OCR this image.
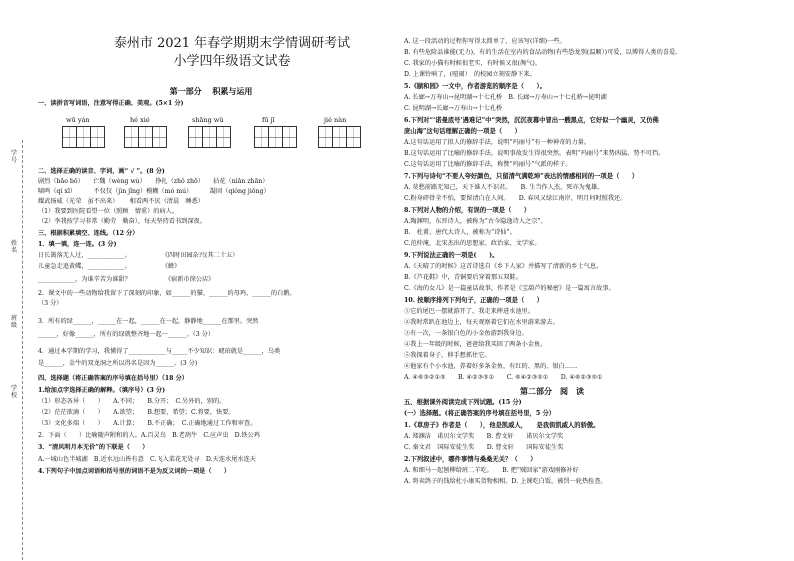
学号
姓名
班级
学校
泰州市 2021 年春学期期末学情调研考试
小学四年级语文试卷
第一部分　 积累与运用
一、读拼音写词语，注意写得正确、美观。(5×1 分)
wū yán	hé xié	shāng wǔ	fū jī	jié nàn
二、选择正确的读音、字词，画“ √ ”。(8 分)
剧烈（bǎo bō）　　亡魏（wèng wù）　　挣扎（zhǒ zhō）　　拈花（niān zhān）
啸鸣（qí xī）　　　 不仅仅（jìn jǐng）模糊（mó mú）　　　 凝固（qióng jiǒng）
耀武扬威（光荣　虽不出来）　　 相看两不厌（清晨　睡悉）
（1）我要到医院看望一位（照顾　情重）的病人。
（2）李我按学习非常（勤劳　勤奋），每天坚持看书到深夜。
三、根据积累填空、连线。（12 分）
1．填一填，连一连。(3 分)
日长篱落无人过，____________。　　　　　　《四时田园杂兴(其二十五）
儿童急走追黄蝶，____________。　　　　　　《蜂》
____________，为谁辛苦为谁甜？　　　　　　《宿新市徐公店》
2．课文中的一些动物给我留下了深刻的印象，如______的猫、______的母鸡、______的白鹅。
（3 分）
3．所有的绿______，______在一起，______在一起，静静地______在那里。突然
______，好像______，所有的绿就整齐地一起一______。（3 分）
4．通过本学期的学习，我懂得了____________与_____不少知识：琥珀就是______，乌类
是______，金牛的双龙洞之所以得名是因为______。(3 分)
四、选择题（将正确答案的序号填在括号里）（18 分）
1.给加点字选择正确的解释。（填序号）(3 分)
（1）形态各异（　　）　　A.不同；　　B.分开；　C.另外的，别的。
（2）茫茫欲滴（　　）　　A.欲望；　　B.想要，希望；C.将要，快要。
（3）文化多端（　　）　　A.计算；　　B.不正确；　C.正确地通过工作和审查。
2．下面（　　）比喻随声附和的人。A.百灵鸟　B.老鸹牛　C.应声虫　D.铁公鸡
3．“清风明月本无价”的下联是（　　）
A.一城山色半城湖　B.近水远山皆有意　C.飞入菜花无处寻　D.天连水尾水连天
4.下列句子中加点词语和括号里的词语不是为反义词的一项是（　　）
A. 这一段活动的过程你写得太简单了，应该写(详细)一些。
B. 有些危险品谁能(无力)，有的生活在室内的食品动物(有些恐龙别(温顺）)可爱，以博得人类的喜爱。
C. 我家的小猫有时候很老实，有时候又很(淘气)。
D. 上课铃响了，(喧闹）　的校园立刻安静下来。
5.《颐和园》一文中，作者游览的顺序是（　　）。
A. 长廊→万寿山→昆明湖→十七孔桥　B. 长廊→万寿山→十七孔桥→昆明湖
C. 昆明湖→长廊→万寿山→十七孔桥
6.下列对“‘诺曼底号’遇难记”中“突然，沉沉夜幕中冒出一艘黑点，它好似一个幽灵，又仿佛
庞山海”这句话理解正确的一项是（　　）
A.这句话运用了拟人的修辞手法，说明“玛丽号”有一种神奇的力量。
B.这句话运用了比喻的修辞手法，说明事故发生得很突然，表明“玛丽号”来势凶猛、势不可挡。
C.这句话运用了比喻的修辞手法，称赞“玛丽号”气派的样子。
7.下列与诗句“不要人夸好颜色，只留清气满乾坤”表达的情感相同的一项是（　　）
A. 莫愁前路无知己，天下谁人不识君。　　B. 生当作人杰，死亦为鬼雄。
C.粉身碎骨全不怕，要留清白在人间。　　D. 春风又绿江南岸，明月何时照我还。
8.下列对人物的介绍，有误的一项是（　　）
A.陶渊明，东晋诗人，被称为“古今隐逸诗人之宗”。
B.　杜甫，唐代大诗人，被称为“诗仙”。
C.范仲淹，北宋杰出的思想家、政治家、文学家。
9.下列说法正确的一项是(　　)。
A.《天晴了的时候》这首诗选自《乡下人家》并描写了清新的乡土气息。
B.《芦花鞋》中，青铜要后穿着那五双鞋。
C.《海的女儿》是一篇童话故事，作者是《宝葫芦的秘密》是一篇寓言故事。
10. 按顺序排列下列句子，正确的一项是（　　）
①它的尾巴一摆就游开了，我走来摔进水池里。
②我时常趴在池边上，每天观察着它们在水里游来游去。
③有一次，一条银白色的小金鱼游到我身边。
④我上一年级的时候，爸爸给我买回了两条小金鱼。
⑤我探着身子，伸手想抓住它。
⑥他家有个小水池，养着好多条金鱼，有红的、黑的、银白……
A. ④⑥③②①⑤　　B. ④②③⑤①　　C. ⑥④②③⑤①　　D. ④⑥②③⑤①
第二部分　阅　读
五、根据课外阅读完成下列试题。(15 分)
(一）选择题。(将正确答案的序号填在括号里，5 分）
1.《草房子》作者是（　　），他是凯威人，　　是我街凯威人的骄傲。
A. 郑渊洁　诺贝尔文学奖　　B. 曹文轩　　诺贝尔文学奖
C. 秦文君　国际安徒生奖　　D. 曹文轩　　国际安徒生奖
2.下列叙述中，哪件事情与桑桑无关？（　　）
A. 和细马一起刨柳给班二羊吃。　　B. 把“贼回家”游戏刚修补好
A. 将卖鸽子的钱给杜小康买货物相相。D. 上课吃白饭，被罚一轮热拴查。
